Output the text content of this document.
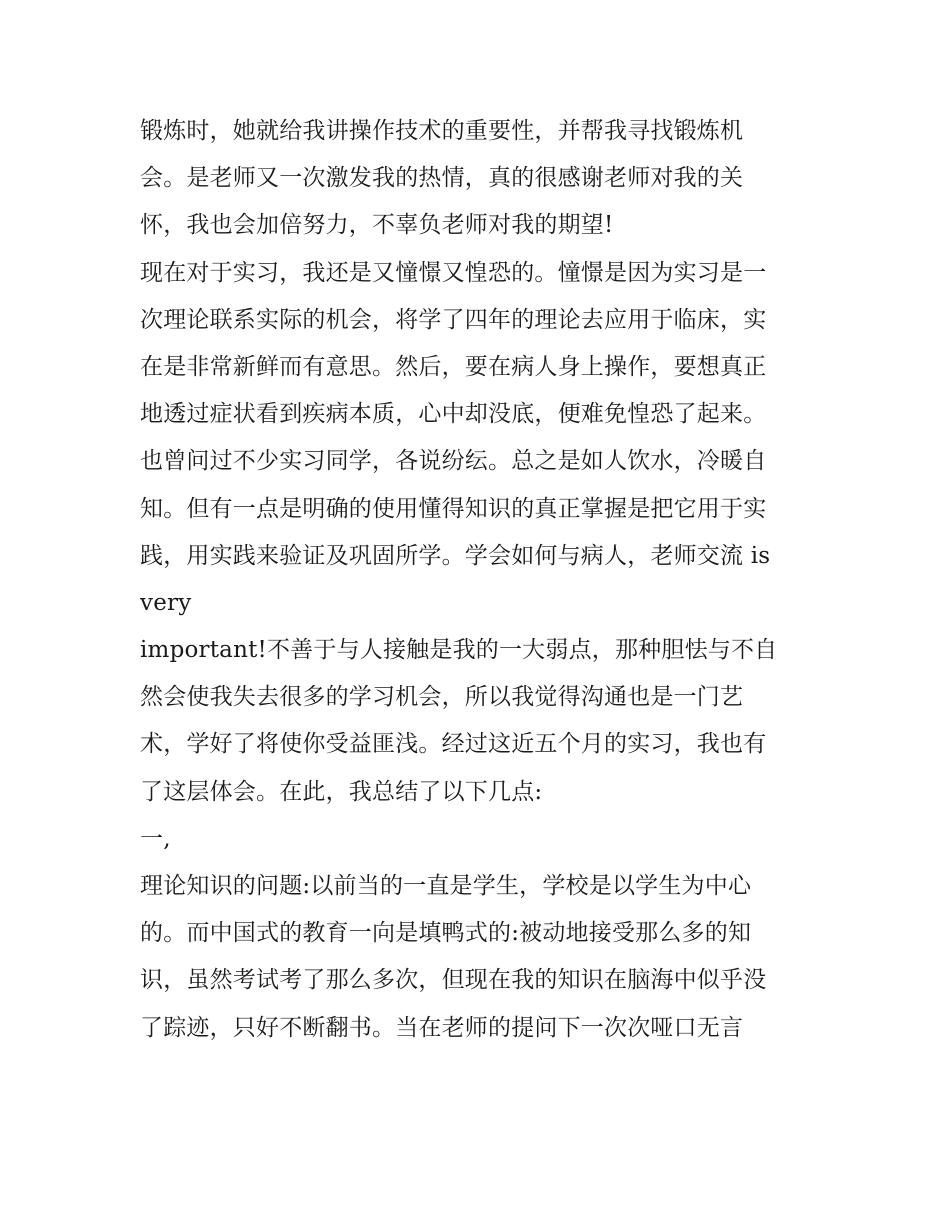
锻炼时，她就给我讲操作技术的重要性，并帮我寻找锻炼机
会。是老师又一次激发我的热情，真的很感谢老师对我的关
怀，我也会加倍努力，不辜负老师对我的期望!
现在对于实习，我还是又憧憬又惶恐的。憧憬是因为实习是一
次理论联系实际的机会，将学了四年的理论去应用于临床，实
在是非常新鲜而有意思。然后，要在病人身上操作，要想真正
地透过症状看到疾病本质，心中却没底，便难免惶恐了起来。
也曾问过不少实习同学，各说纷纭。总之是如人饮水，冷暖自
知。但有一点是明确的使用懂得知识的真正掌握是把它用于实
践，用实践来验证及巩固所学。学会如何与病人，老师交流 is
very
important!不善于与人接触是我的一大弱点，那种胆怯与不自
然会使我失去很多的学习机会，所以我觉得沟通也是一门艺
术，学好了将使你受益匪浅。经过这近五个月的实习，我也有
了这层体会。在此，我总结了以下几点:
一,
理论知识的问题:以前当的一直是学生，学校是以学生为中心
的。而中国式的教育一向是填鸭式的:被动地接受那么多的知
识，虽然考试考了那么多次，但现在我的知识在脑海中似乎没
了踪迹，只好不断翻书。当在老师的提问下一次次哑口无言
